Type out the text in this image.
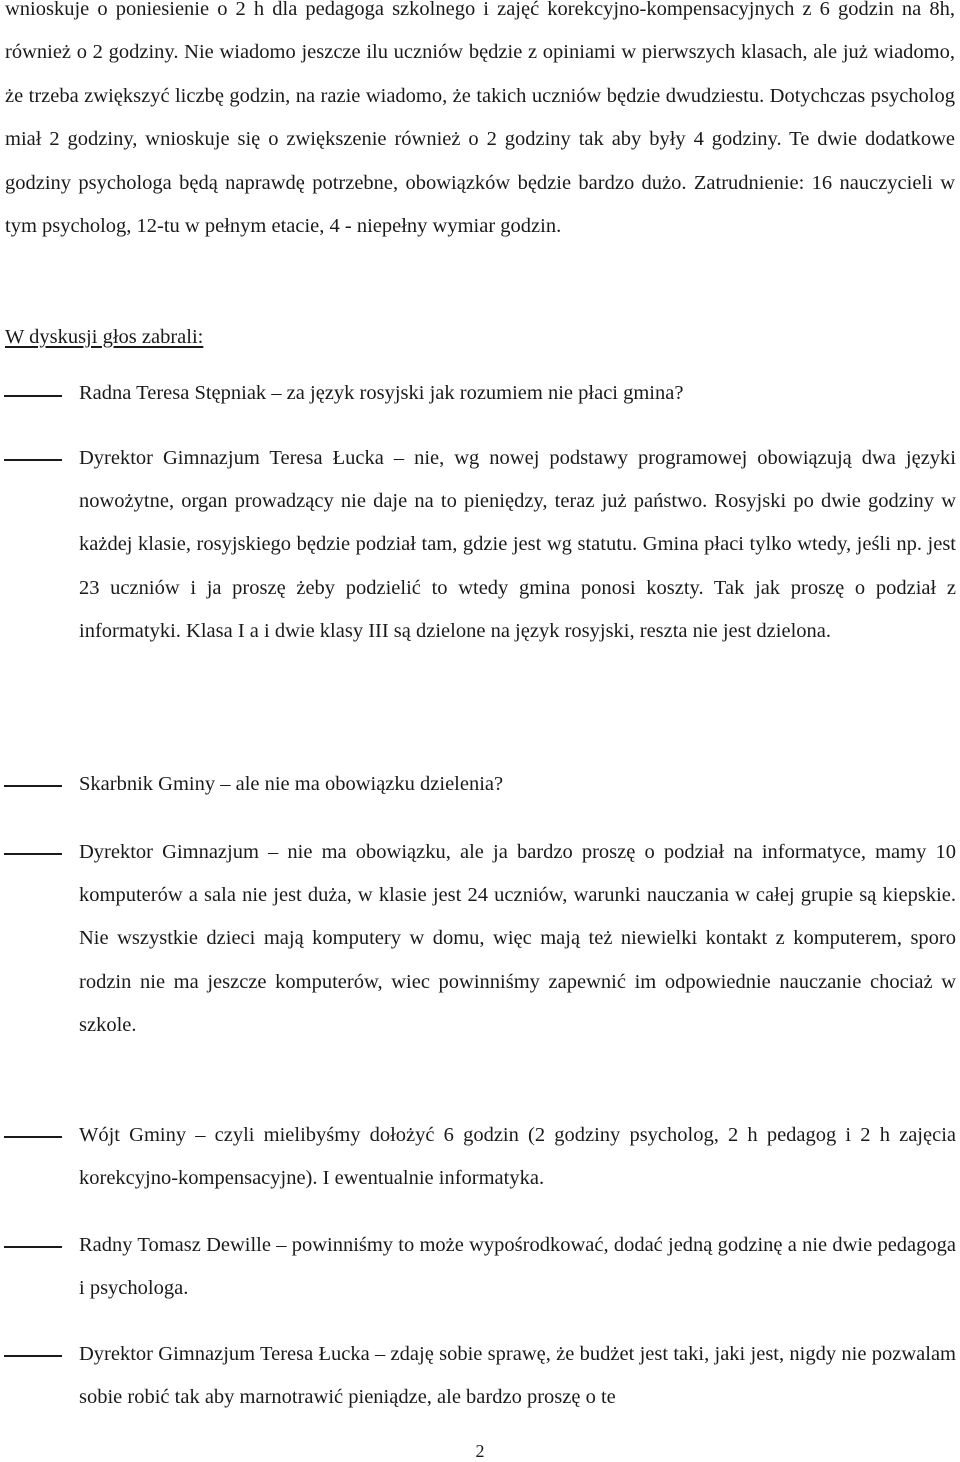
wnioskuje o poniesienie o 2 h dla pedagoga szkolnego i zajęć korekcyjno-kompensacyjnych z 6 godzin na 8h, również o 2 godziny. Nie wiadomo jeszcze ilu uczniów będzie z opiniami w pierwszych klasach, ale już wiadomo, że trzeba zwiększyć liczbę godzin, na razie wiadomo, że takich uczniów będzie dwudziestu. Dotychczas psycholog miał 2 godziny, wnioskuje się o zwiększenie również o 2 godziny tak aby były 4 godziny. Te dwie dodatkowe godziny psychologa będą naprawdę potrzebne, obowiązków będzie bardzo dużo. Zatrudnienie: 16 nauczycieli w tym psycholog, 12-tu w pełnym etacie, 4 - niepełny wymiar godzin.

W dyskusji głos zabrali:

Radna Teresa Stępniak – za język rosyjski jak rozumiem nie płaci gmina?

Dyrektor Gimnazjum Teresa Łucka – nie, wg nowej podstawy programowej obowiązują dwa języki nowożytne, organ prowadzący nie daje na to pieniędzy, teraz już państwo. Rosyjski po dwie godziny w każdej klasie, rosyjskiego będzie podział tam, gdzie jest wg statutu. Gmina płaci tylko wtedy, jeśli np. jest 23 uczniów i ja proszę żeby podzielić to wtedy gmina ponosi koszty. Tak jak proszę o podział z informatyki. Klasa I a i dwie klasy III są dzielone na język rosyjski, reszta nie jest dzielona.

Skarbnik Gminy – ale nie ma obowiązku dzielenia?

Dyrektor Gimnazjum – nie ma obowiązku, ale ja bardzo proszę o podział na informatyce, mamy 10 komputerów a sala nie jest duża, w klasie jest 24 uczniów, warunki nauczania w całej grupie są kiepskie. Nie wszystkie dzieci mają komputery w domu, więc mają też niewielki kontakt z komputerem, sporo rodzin nie ma jeszcze komputerów, wiec powinniśmy zapewnić im odpowiednie nauczanie chociaż w szkole.

Wójt Gminy – czyli mielibyśmy dołożyć 6 godzin (2 godziny psycholog, 2 h pedagog i 2 h zajęcia korekcyjno-kompensacyjne). I ewentualnie informatyka.

Radny Tomasz Dewille – powinniśmy to może wypośrodkować, dodać jedną godzinę a nie dwie pedagoga i psychologa.

Dyrektor Gimnazjum Teresa Łucka – zdaję sobie sprawę, że budżet jest taki, jaki jest, nigdy nie pozwalam sobie robić tak aby marnotrawić pieniądze, ale bardzo proszę o te

2
